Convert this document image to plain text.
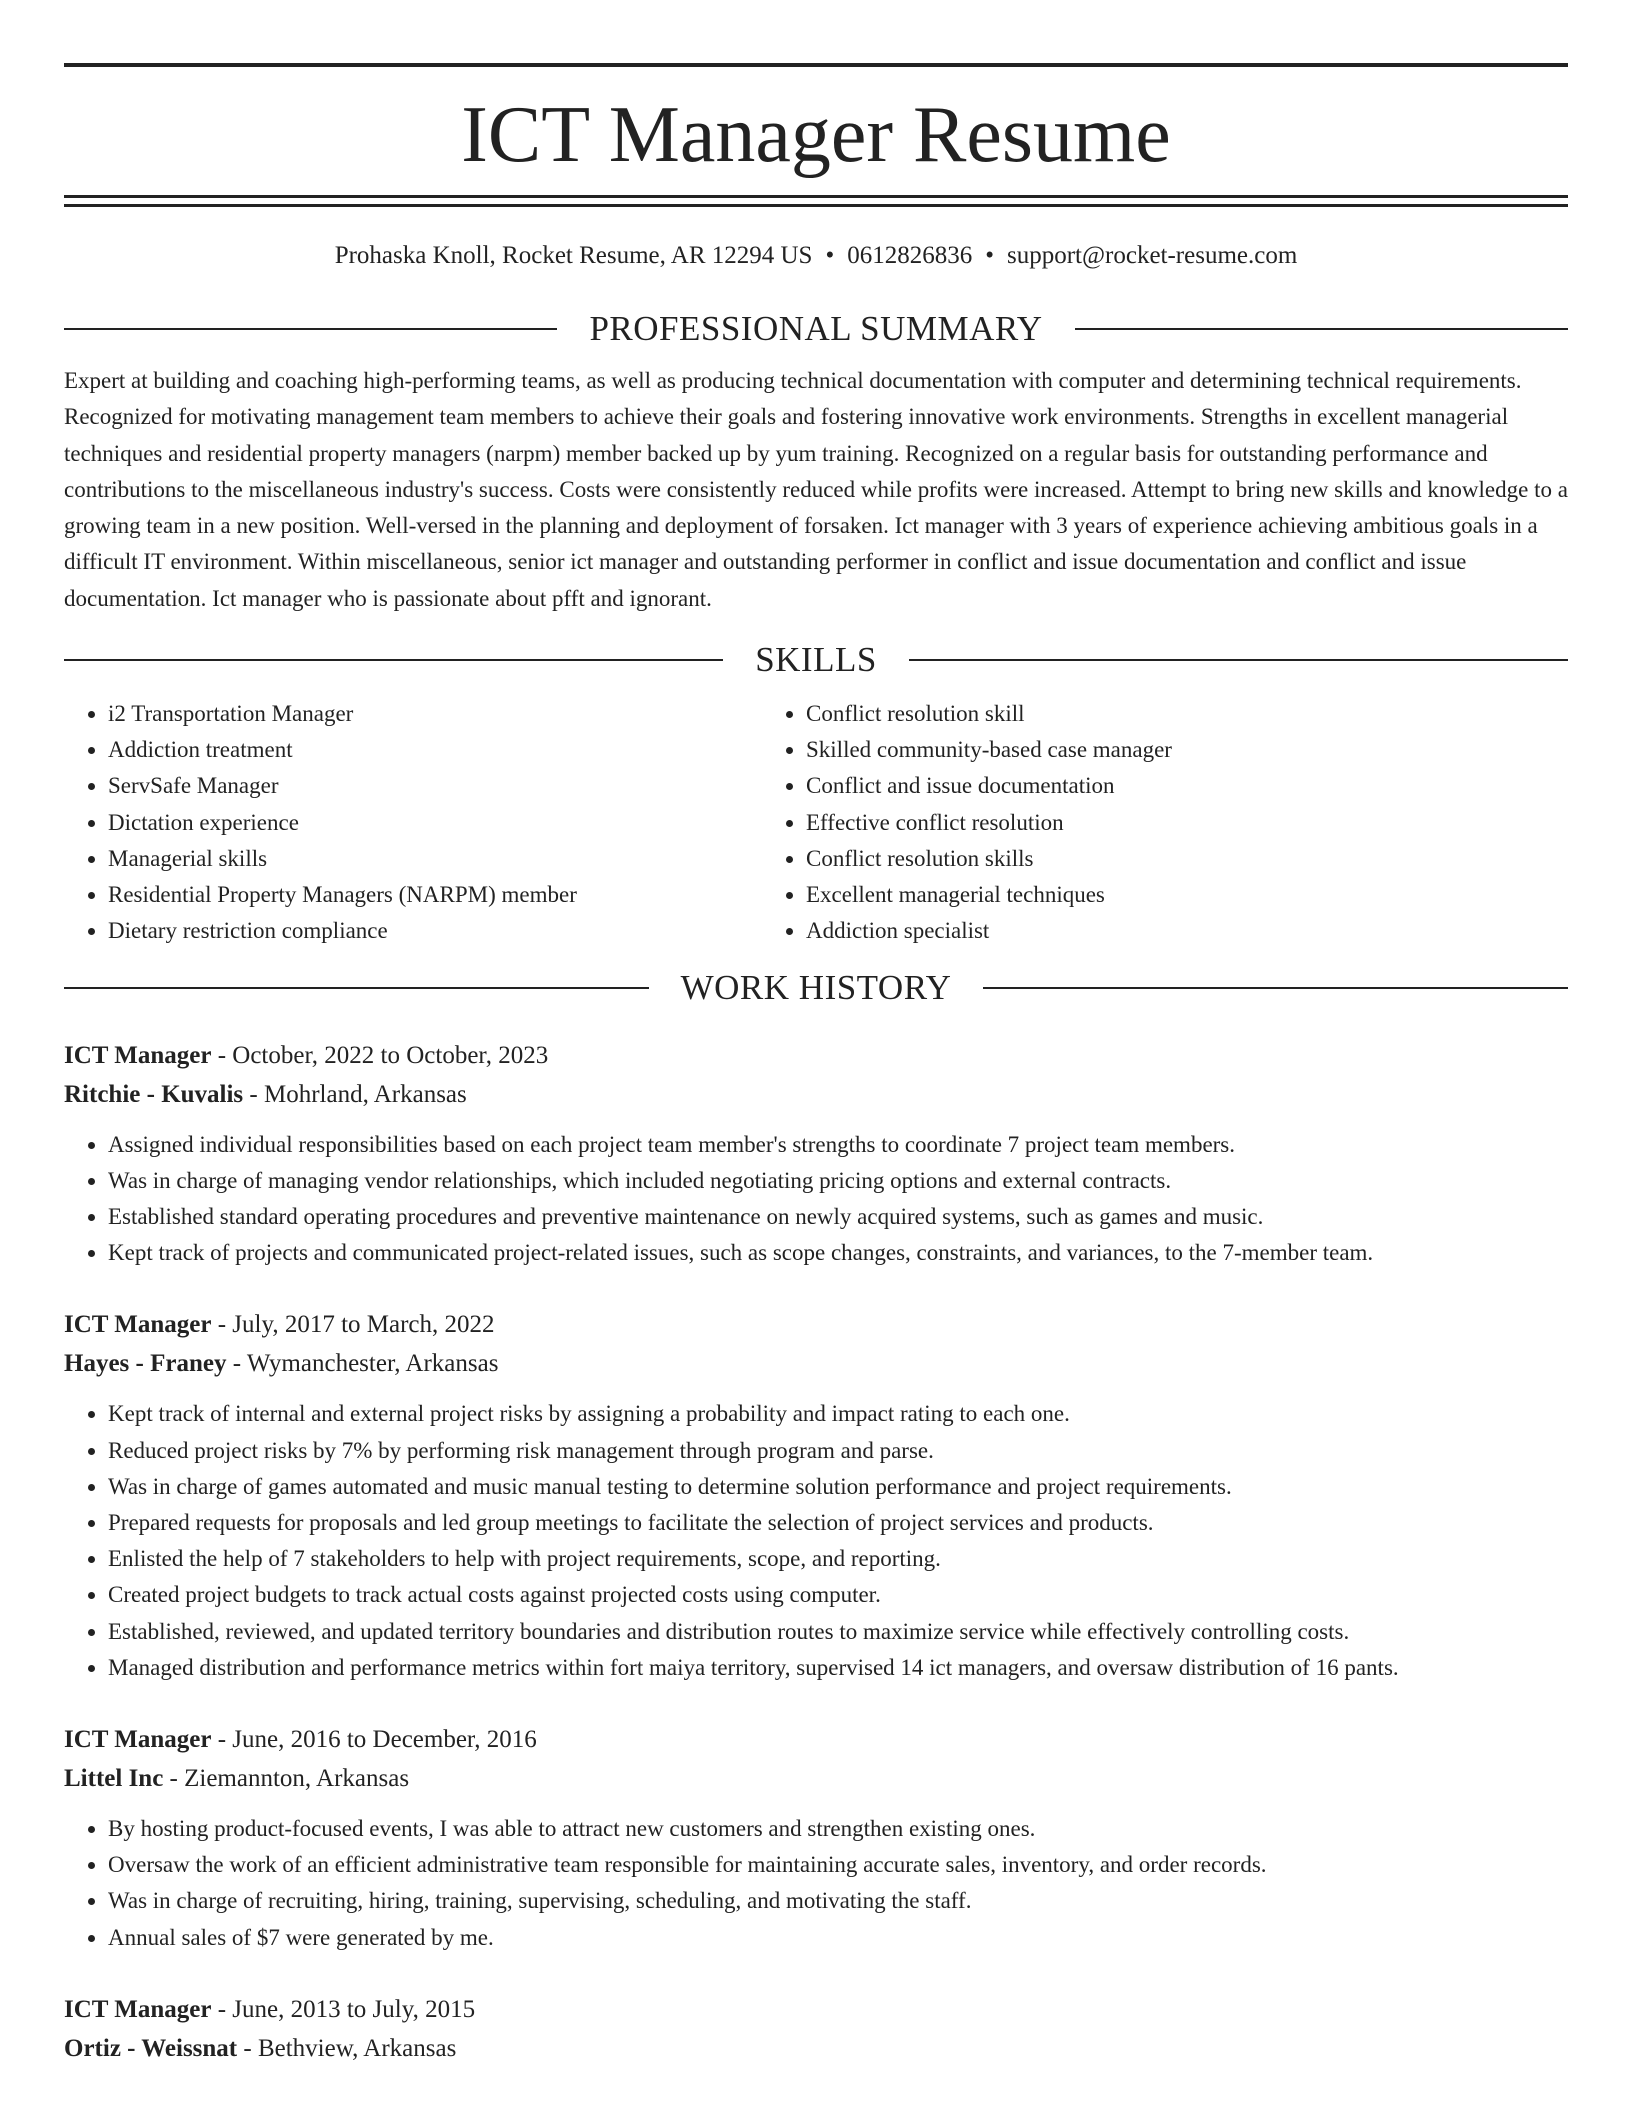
ICT Manager Resume
Prohaska Knoll, Rocket Resume, AR 12294 US • 0612826836 • support@rocket-resume.com
PROFESSIONAL SUMMARY

Expert at building and coaching high-performing teams, as well as producing technical documentation with computer and determining technical requirements. Recognized for motivating management team members to achieve their goals and fostering innovative work environments. Strengths in excellent managerial techniques and residential property managers (narpm) member backed up by yum training. Recognized on a regular basis for outstanding performance and contributions to the miscellaneous industry's success. Costs were consistently reduced while profits were increased. Attempt to bring new skills and knowledge to a growing team in a new position. Well-versed in the planning and deployment of forsaken. Ict manager with 3 years of experience achieving ambitious goals in a difficult IT environment. Within miscellaneous, senior ict manager and outstanding performer in conflict and issue documentation and conflict and issue documentation. Ict manager who is passionate about pfft and ignorant.

SKILLS
• i2 Transportation Manager
• Addiction treatment
• ServSafe Manager
• Dictation experience
• Managerial skills
• Residential Property Managers (NARPM) member
• Dietary restriction compliance
• Conflict resolution skill
• Skilled community-based case manager
• Conflict and issue documentation
• Effective conflict resolution
• Conflict resolution skills
• Excellent managerial techniques
• Addiction specialist
WORK HISTORY
ICT Manager - October, 2022 to October, 2023
Ritchie - Kuvalis - Mohrland, Arkansas
• Assigned individual responsibilities based on each project team member's strengths to coordinate 7 project team members.
• Was in charge of managing vendor relationships, which included negotiating pricing options and external contracts.
• Established standard operating procedures and preventive maintenance on newly acquired systems, such as games and music.
• Kept track of projects and communicated project-related issues, such as scope changes, constraints, and variances, to the 7-member team.
ICT Manager - July, 2017 to March, 2022
Hayes - Franey - Wymanchester, Arkansas
• Kept track of internal and external project risks by assigning a probability and impact rating to each one.
• Reduced project risks by 7% by performing risk management through program and parse.
• Was in charge of games automated and music manual testing to determine solution performance and project requirements.
• Prepared requests for proposals and led group meetings to facilitate the selection of project services and products.
• Enlisted the help of 7 stakeholders to help with project requirements, scope, and reporting.
• Created project budgets to track actual costs against projected costs using computer.
• Established, reviewed, and updated territory boundaries and distribution routes to maximize service while effectively controlling costs.
• Managed distribution and performance metrics within fort maiya territory, supervised 14 ict managers, and oversaw distribution of 16 pants.
ICT Manager - June, 2016 to December, 2016
Littel Inc - Ziemannton, Arkansas
• By hosting product-focused events, I was able to attract new customers and strengthen existing ones.
• Oversaw the work of an efficient administrative team responsible for maintaining accurate sales, inventory, and order records.
• Was in charge of recruiting, hiring, training, supervising, scheduling, and motivating the staff.
• Annual sales of $7 were generated by me.
ICT Manager - June, 2013 to July, 2015
Ortiz - Weissnat - Bethview, Arkansas
